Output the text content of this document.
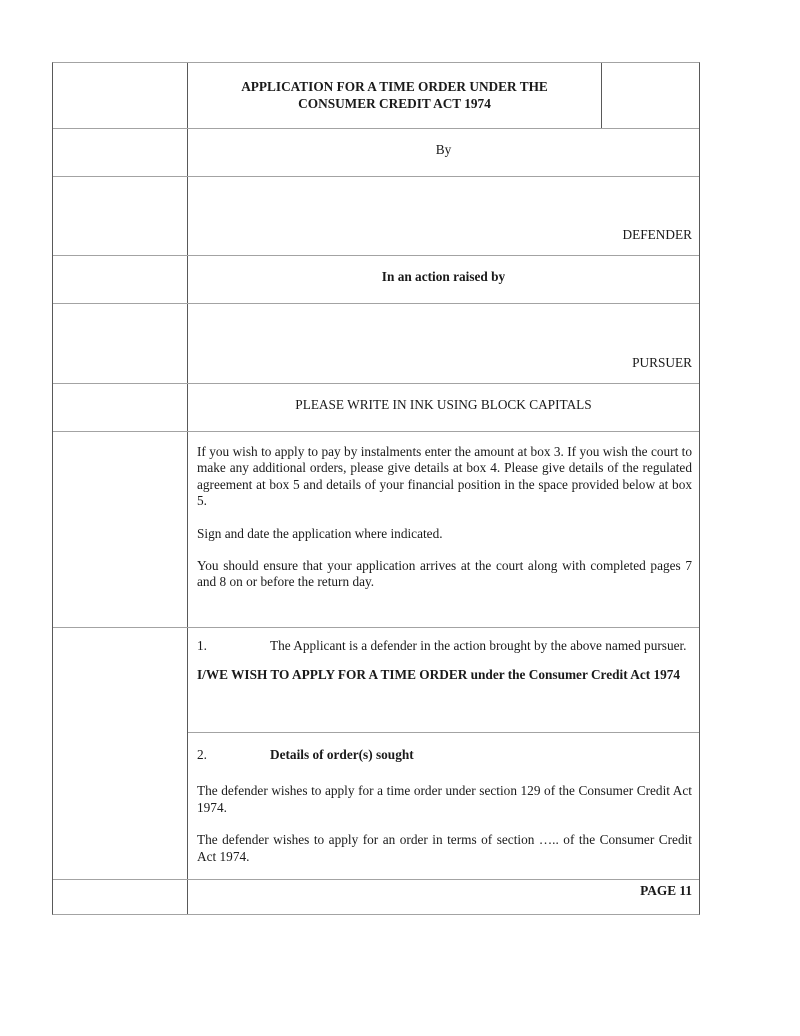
APPLICATION FOR A TIME ORDER UNDER THE
CONSUMER CREDIT ACT 1974
By
DEFENDER
In an action raised by
PURSUER
PLEASE WRITE IN INK USING BLOCK CAPITALS

If you wish to apply to pay by instalments enter the amount at box 3. If you wish the court to make any additional orders, please give details at box 4. Please give details of the regulated agreement at box 5 and details of your financial position in the space provided below at box 5.

Sign and date the application where indicated.

You should ensure that your application arrives at the court along with completed pages 7 and 8 on or before the return day.

1.	The Applicant is a defender in the action brought by the above named pursuer.
I/WE WISH TO APPLY FOR A TIME ORDER under the Consumer Credit Act 1974
2.	Details of order(s) sought

The defender wishes to apply for a time order under section 129 of the Consumer Credit Act 1974.

The defender wishes to apply for an order in terms of section ….. of the Consumer Credit Act 1974.

PAGE 11
